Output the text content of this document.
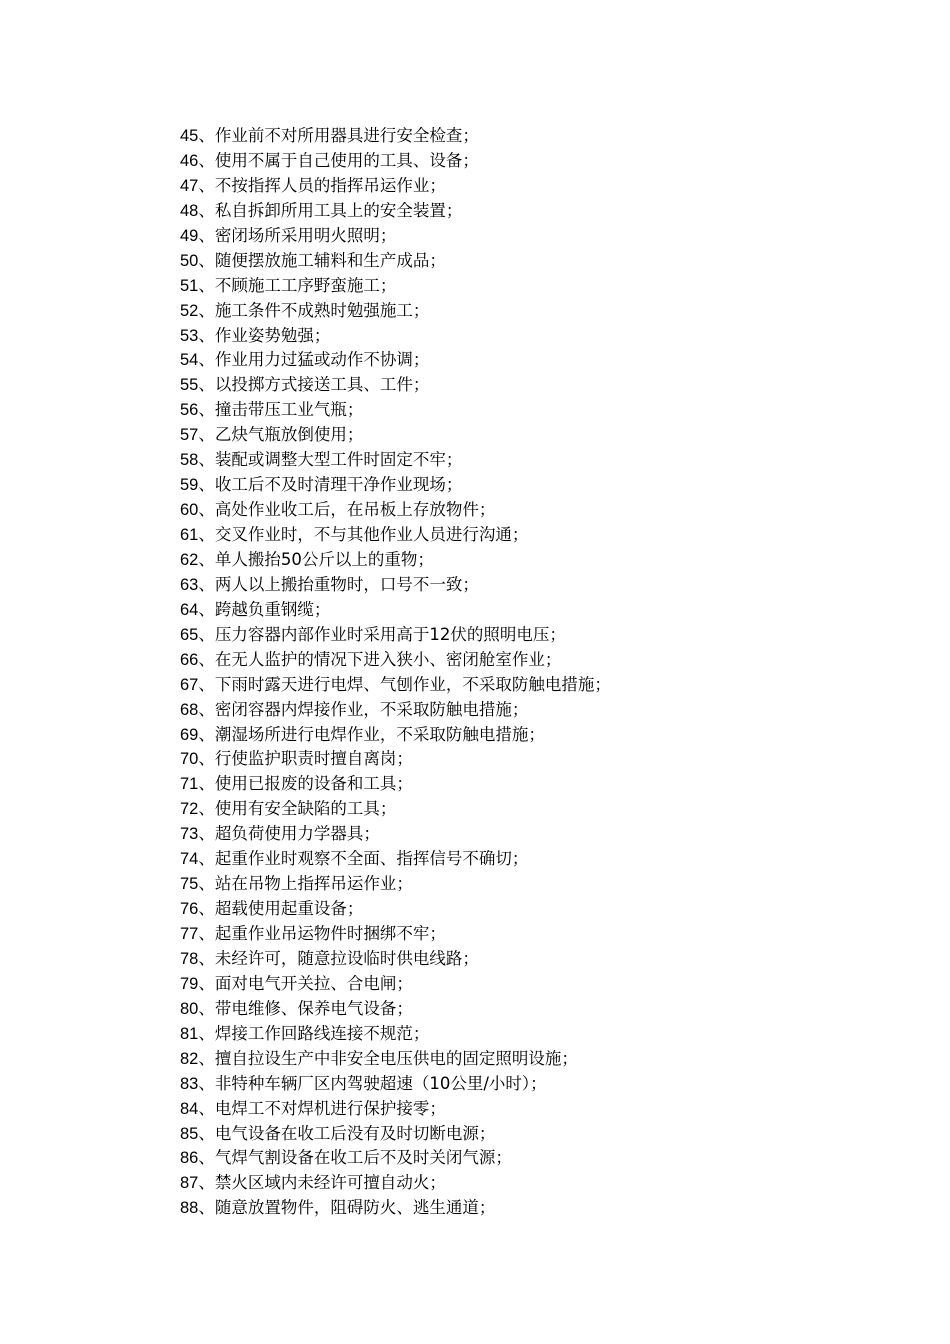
45、作业前不对所用器具进行安全检查；
46、使用不属于自己使用的工具、设备；
47、不按指挥人员的指挥吊运作业；
48、私自拆卸所用工具上的安全装置；
49、密闭场所采用明火照明；
50、随便摆放施工辅料和生产成品；
51、不顾施工工序野蛮施工；
52、施工条件不成熟时勉强施工；
53、作业姿势勉强；
54、作业用力过猛或动作不协调；
55、以投掷方式接送工具、工件；
56、撞击带压工业气瓶；
57、乙炔气瓶放倒使用；
58、装配或调整大型工件时固定不牢；
59、收工后不及时清理干净作业现场；
60、高处作业收工后，在吊板上存放物件；
61、交叉作业时，不与其他作业人员进行沟通；
62、单人搬抬50公斤以上的重物；
63、两人以上搬抬重物时，口号不一致；
64、跨越负重钢缆；
65、压力容器内部作业时采用高于12伏的照明电压；
66、在无人监护的情况下进入狭小、密闭舱室作业；
67、下雨时露天进行电焊、气刨作业，不采取防触电措施；
68、密闭容器内焊接作业，不采取防触电措施；
69、潮湿场所进行电焊作业，不采取防触电措施；
70、行使监护职责时擅自离岗；
71、使用已报废的设备和工具；
72、使用有安全缺陷的工具；
73、超负荷使用力学器具；
74、起重作业时观察不全面、指挥信号不确切；
75、站在吊物上指挥吊运作业；
76、超载使用起重设备；
77、起重作业吊运物件时捆绑不牢；
78、未经许可，随意拉设临时供电线路；
79、面对电气开关拉、合电闸；
80、带电维修、保养电气设备；
81、焊接工作回路线连接不规范；
82、擅自拉设生产中非安全电压供电的固定照明设施；
83、非特种车辆厂区内驾驶超速（10公里/小时）；
84、电焊工不对焊机进行保护接零；
85、电气设备在收工后没有及时切断电源；
86、气焊气割设备在收工后不及时关闭气源；
87、禁火区域内未经许可擅自动火；
88、随意放置物件，阻碍防火、逃生通道；
